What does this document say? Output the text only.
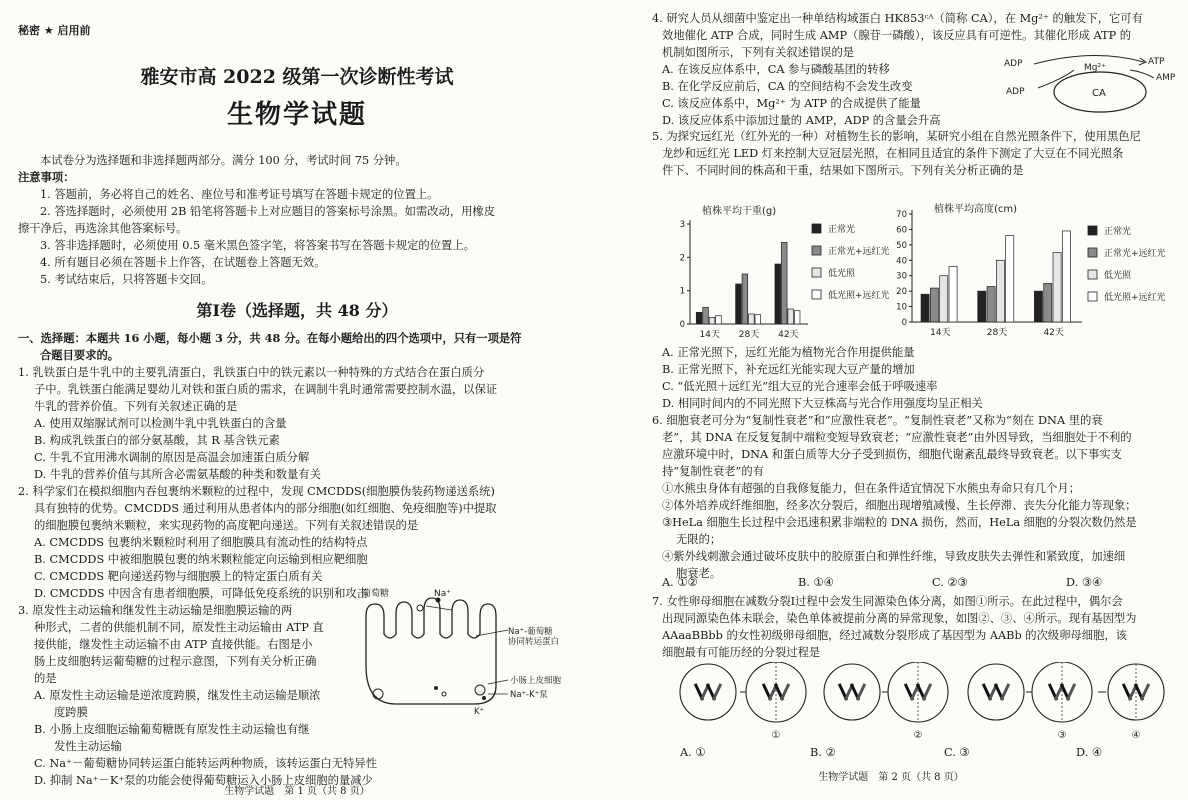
秘密 ★ 启用前
雅安市高 2022 级第一次诊断性考试
生物学试题
本试卷分为选择题和非选择题两部分。满分 100 分，考试时间 75 分钟。
注意事项：
1. 答题前，务必将自己的姓名、座位号和准考证号填写在答题卡规定的位置上。
2. 答选择题时，必须使用 2B 铅笔将答题卡上对应题目的答案标号涂黑。如需改动，用橡皮
擦干净后，再选涂其他答案标号。
3. 答非选择题时，必须使用 0.5 毫米黑色签字笔，将答案书写在答题卡规定的位置上。
4. 所有题目必须在答题卡上作答，在试题卷上答题无效。
5. 考试结束后，只将答题卡交回。
第Ⅰ卷（选择题，共 48 分）
一、选择题：本题共 16 小题，每小题 3 分，共 48 分。在每小题给出的四个选项中，只有一项是符
合题目要求的。
1. 乳铁蛋白是牛乳中的主要乳清蛋白，乳铁蛋白中的铁元素以一种特殊的方式结合在蛋白质分
子中。乳铁蛋白能满足婴幼儿对铁和蛋白质的需求，在调制牛乳时通常需要控制水温，以保证
牛乳的营养价值。下列有关叙述正确的是
A. 使用双缩脲试剂可以检测牛乳中乳铁蛋白的含量
B. 构成乳铁蛋白的部分氨基酸，其 R 基含铁元素
C. 牛乳不宜用沸水调制的原因是高温会加速蛋白质分解
D. 牛乳的营养价值与其所含必需氨基酸的种类和数量有关
2. 科学家们在模拟细胞内吞包裹纳米颗粒的过程中，发现 CMCDDS(细胞膜伪装药物递送系统)
具有独特的优势。CMCDDS 通过利用从患者体内的部分细胞(如红细胞、免疫细胞等)中提取
的细胞膜包裹纳米颗粒，来实现药物的高度靶向递送。下列有关叙述错误的是
A. CMCDDS 包裹纳米颗粒时利用了细胞膜具有流动性的结构特点
B. CMCDDS 中被细胞膜包裹的纳米颗粒能定向运输到相应靶细胞
C. CMCDDS 靶向递送药物与细胞膜上的特定蛋白质有关
D. CMCDDS 中因含有患者细胞膜，可降低免疫系统的识别和攻击
3. 原发性主动运输和继发性主动运输是细胞膜运输的两
种形式，二者的供能机制不同，原发性主动运输由 ATP 直
接供能，继发性主动运输不由 ATP 直接供能。右图是小
肠上皮细胞转运葡萄糖的过程示意图，下列有关分析正确
的是
A. 原发性主动运输是逆浓度跨膜，继发性主动运输是顺浓
度跨膜
B. 小肠上皮细胞运输葡萄糖既有原发性主动运输也有继
发性主动运输
C. Na⁺－葡萄糖协同转运蛋白能转运两种物质，该转运蛋白无特异性
D. 抑制 Na⁺－K⁺泵的功能会使得葡萄糖运入小肠上皮细胞的量减少
葡萄糖	Na⁺
Na⁺-葡萄糖
协同转运蛋白
小肠上皮细胞
Na⁺-K⁺泵
K⁺
生物学试题　第 1 页（共 8 页）
4. 研究人员从细菌中鉴定出一种单结构域蛋白 HK853ᶜᴬ（简称 CA），在 Mg²⁺ 的触发下，它可有
效地催化 ATP 合成，同时生成 AMP（腺苷一磷酸），该反应具有可逆性。其催化形成 ATP 的
机制如图所示，下列有关叙述错误的是
A. 在该反应体系中，CA 参与磷酸基团的转移
B. 在化学反应前后，CA 的空间结构不会发生改变
C. 该反应体系中，Mg²⁺ 为 ATP 的合成提供了能量
D. 该反应体系中添加过量的 AMP，ADP 的含量会升高
CA
ADP
ADP
Mg²⁺
ATP
AMP
5. 为探究远红光（红外光的一种）对植物生长的影响，某研究小组在自然光照条件下，使用黑色尼
龙纱和远红光 LED 灯来控制大豆冠层光照，在相同且适宜的条件下测定了大豆在不同光照条
件下、不同时间的株高和干重，结果如下图所示。下列有关分析正确的是
植株平均干重(g)
0
1
2
3
14天 28天 42天
正常光
正常光+远红光
低光照
低光照+远红光
植株平均高度(cm)
0
10
20
30
40
50
60
70
14天	28天	42天
正常光
正常光+远红光
低光照
低光照+远红光
A. 正常光照下，远红光能为植物光合作用提供能量
B. 正常光照下，补充远红光能实现大豆产量的增加
C. “低光照＋远红光”组大豆的光合速率会低于呼吸速率
D. 相同时间内的不同光照下大豆株高与光合作用强度均呈正相关
6. 细胞衰老可分为“复制性衰老”和“应激性衰老”。“复制性衰老”又称为“刻在 DNA 里的衰
老”，其 DNA 在反复复制中端粒变短导致衰老；“应激性衰老”由外因导致，当细胞处于不利的
应激环境中时，DNA 和蛋白质等大分子受到损伤，细胞代谢紊乱最终导致衰老。以下事实支
持“复制性衰老”的有
①水熊虫身体有超强的自我修复能力，但在条件适宜情况下水熊虫寿命只有几个月；
②体外培养成纤维细胞，经多次分裂后，细胞出现增殖减慢、生长停滞、丧失分化能力等现象；
③HeLa 细胞生长过程中会迅速积累非端粒的 DNA 损伤，然而，HeLa 细胞的分裂次数仍然是
无限的；
④紫外线刺激会通过破坏皮肤中的胶原蛋白和弹性纤维，导致皮肤失去弹性和紧致度，加速细
胞衰老。
A. ①②	B. ①④	C. ②③	D. ③④
7. 女性卵母细胞在减数分裂Ⅰ过程中会发生同源染色体分离，如图①所示。在此过程中，偶尔会
出现同源染色体未联会，染色单体被提前分离的异常现象，如图②、③、④所示。现有基因型为
AAaaBBbb 的女性初级卵母细胞，经过减数分裂形成了基因型为 AABb 的次级卵母细胞，该
细胞最有可能历经的分裂过程是
①	②	③	④
A. ①	B. ②	C. ③	D. ④
生物学试题　第 2 页（共 8 页）
